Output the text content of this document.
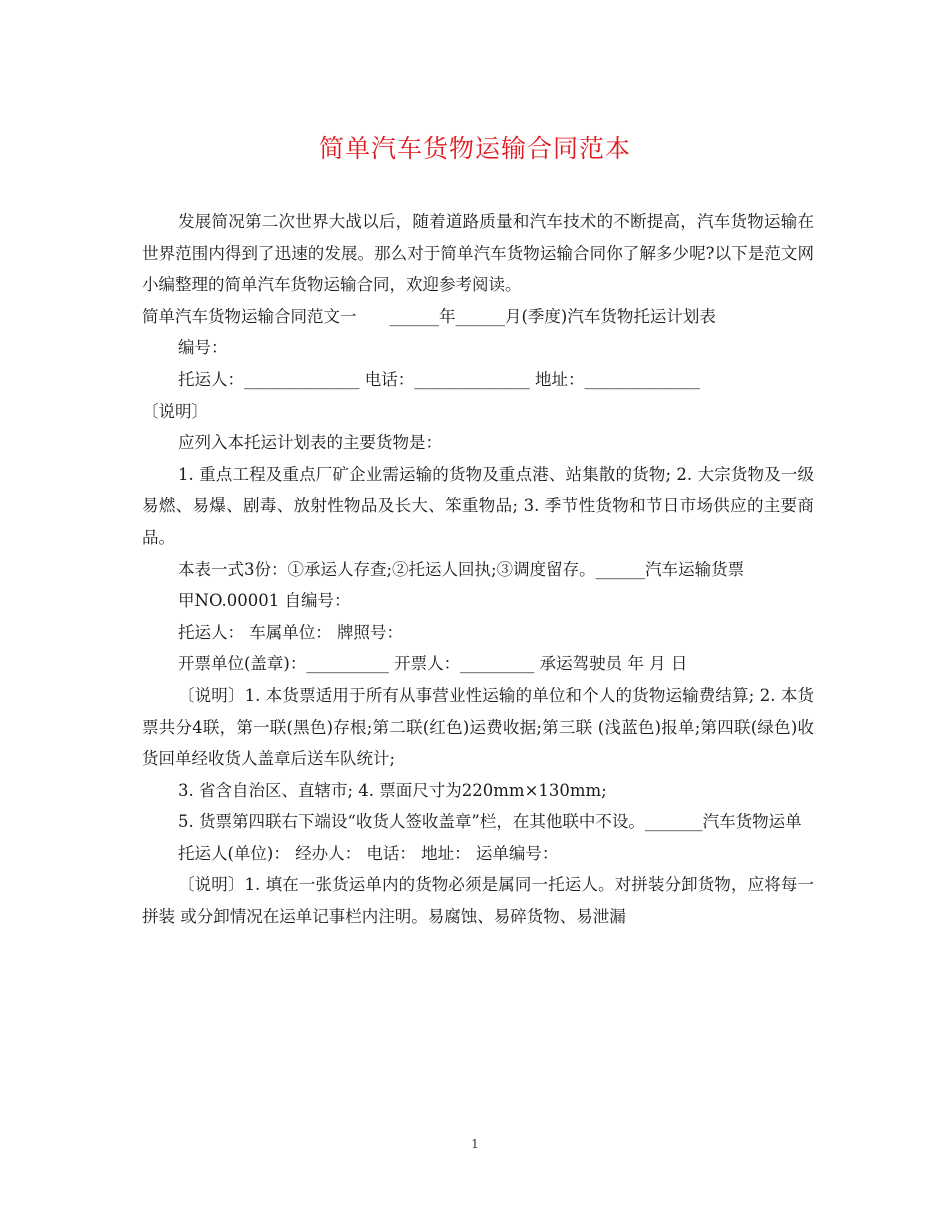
简单汽车货物运输合同范本

发展简况第二次世界大战以后，随着道路质量和汽车技术的不断提高，汽车货物运输在世界范围内得到了迅速的发展。那么对于简单汽车货物运输合同你了解多少呢?以下是范文网小编整理的简单汽车货物运输合同，欢迎参考阅读。

简单汽车货物运输合同范文一　　______年______月(季度)汽车货物托运计划表

编号：

托运人：______________ 电话：______________ 地址：______________

〔说明〕

应列入本托运计划表的主要货物是：

1. 重点工程及重点厂矿企业需运输的货物及重点港、站集散的货物; 2. 大宗货物及一级易燃、易爆、剧毒、放射性物品及长大、笨重物品; 3. 季节性货物和节日市场供应的主要商品。

本表一式3份：①承运人存查;②托运人回执;③调度留存。______汽车运输货票

甲NO.00001 自编号：

托运人： 车属单位： 牌照号：

开票单位(盖章)：__________ 开票人：_________ 承运驾驶员 年 月 日

〔说明〕1. 本货票适用于所有从事营业性运输的单位和个人的货物运输费结算; 2. 本货票共分4联，第一联(黑色)存根;第二联(红色)运费收据;第三联 (浅蓝色)报单;第四联(绿色)收货回单经收货人盖章后送车队统计;

3. 省含自治区、直辖市; 4. 票面尺寸为220mm×130mm;

5. 货票第四联右下端设“收货人签收盖章”栏，在其他联中不设。_______汽车货物运单

托运人(单位)： 经办人： 电话： 地址： 运单编号：

〔说明〕1. 填在一张货运单内的货物必须是属同一托运人。对拼装分卸货物，应将每一拼装 或分卸情况在运单记事栏内注明。易腐蚀、易碎货物、易泄漏

1
